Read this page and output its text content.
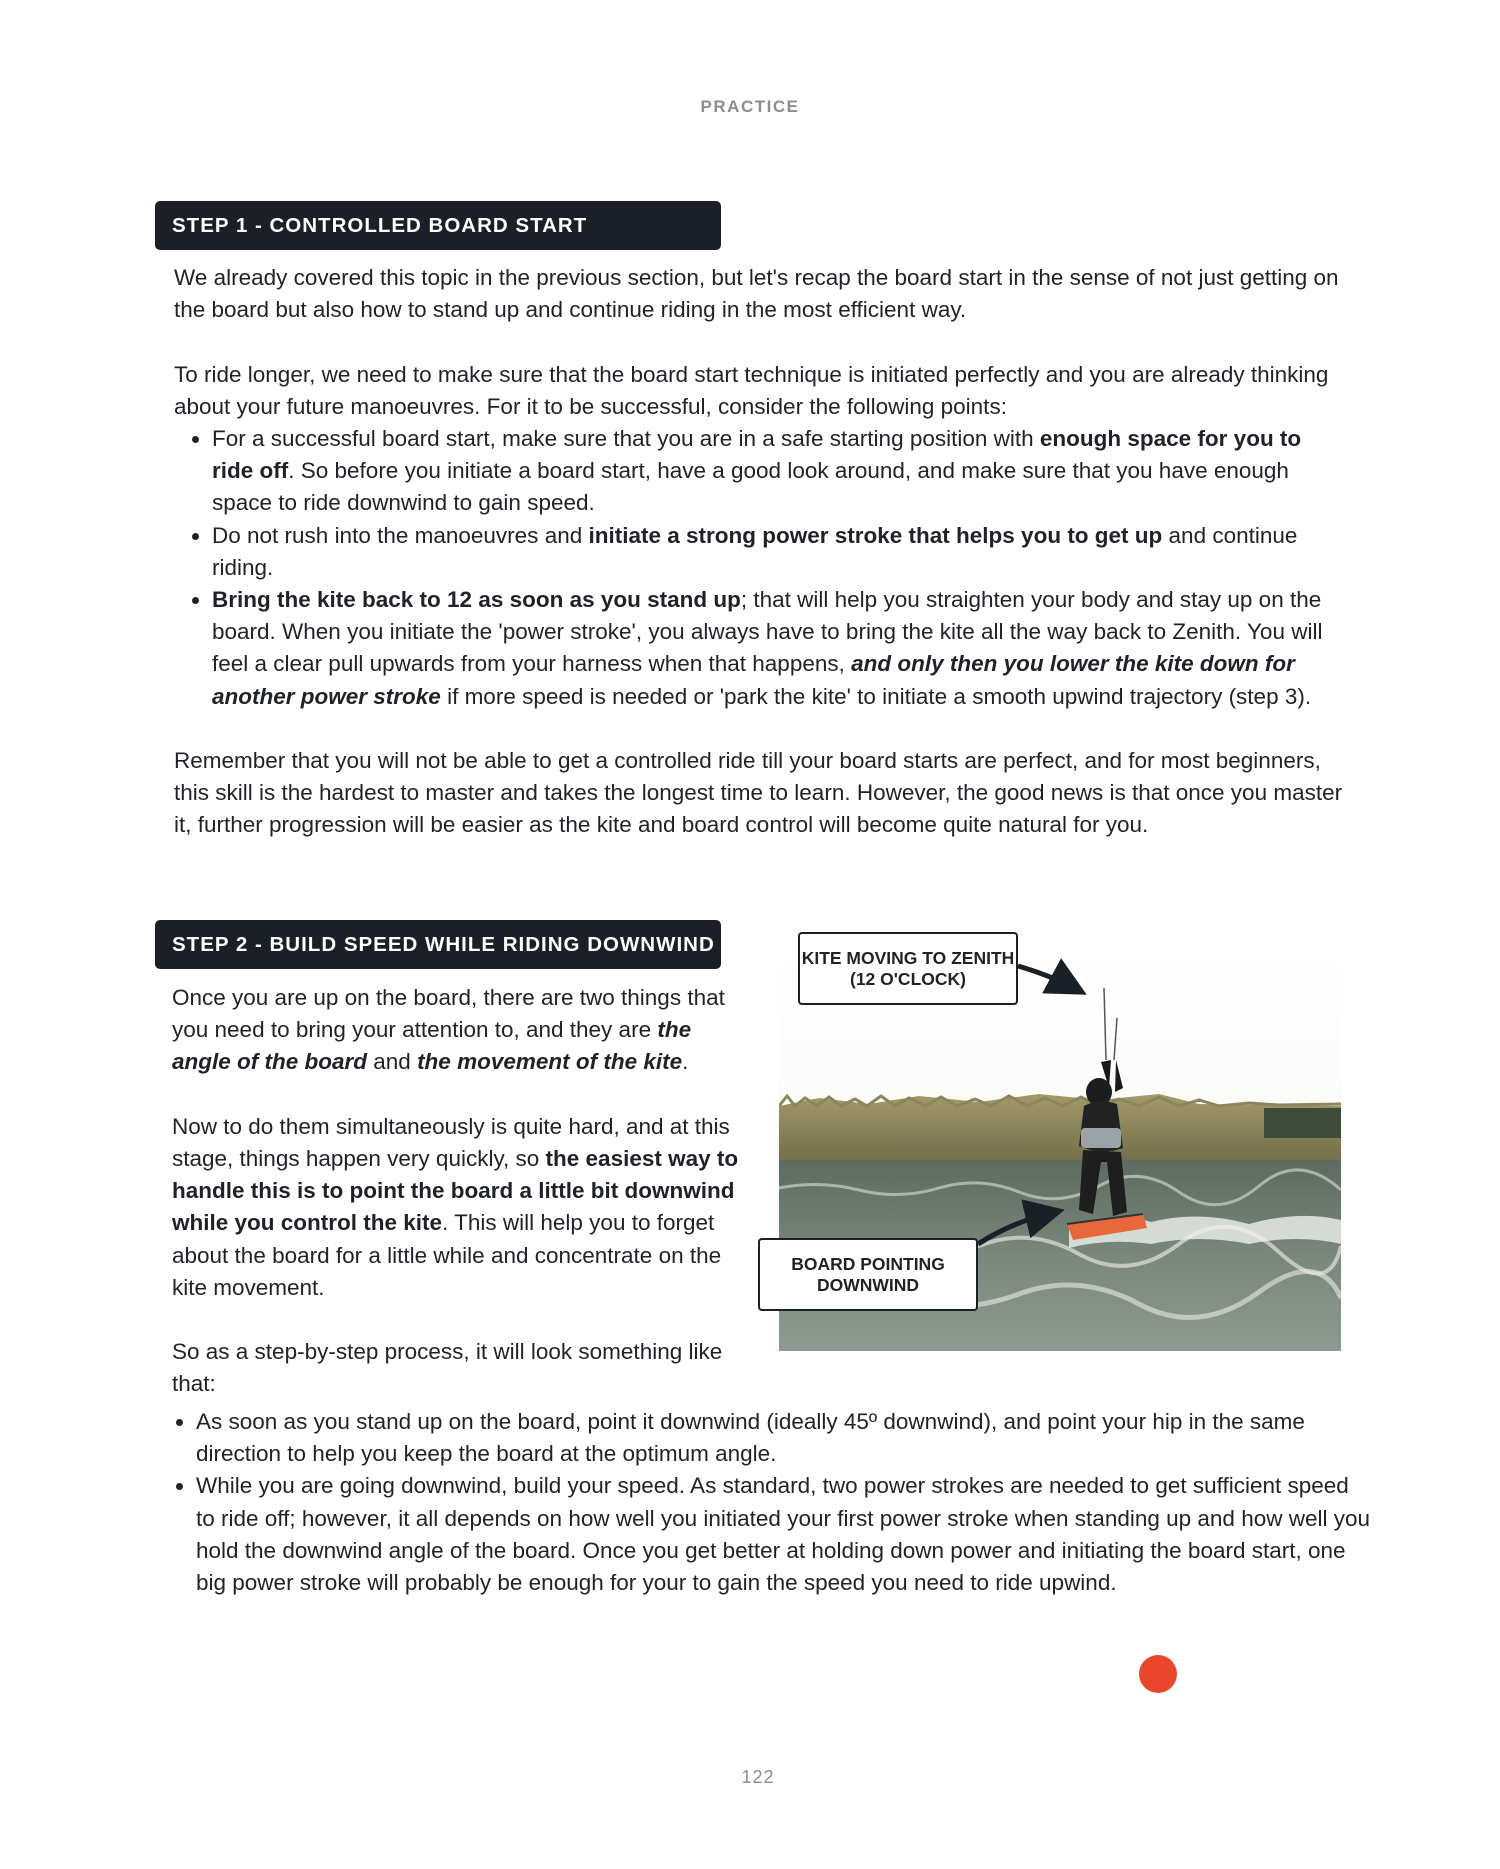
PRACTICE
STEP 1 - CONTROLLED BOARD START

We already covered this topic in the previous section, but let's recap the board start in the sense of not just getting on the board but also how to stand up and continue riding in the most efficient way.

To ride longer, we need to make sure that the board start technique is initiated perfectly and you are already thinking about your future manoeuvres. For it to be successful, consider the following points:

• For a successful board start, make sure that you are in a safe starting position with enough space for you to ride off. So before you initiate a board start, have a good look around, and make sure that you have enough space to ride downwind to gain speed.
• Do not rush into the manoeuvres and initiate a strong power stroke that helps you to get up and continue riding.
• Bring the kite back to 12 as soon as you stand up; that will help you straighten your body and stay up on the board. When you initiate the 'power stroke', you always have to bring the kite all the way back to Zenith. You will feel a clear pull upwards from your harness when that happens, and only then you lower the kite down for another power stroke if more speed is needed or 'park the kite' to initiate a smooth upwind trajectory (step 3).

Remember that you will not be able to get a controlled ride till your board starts are perfect, and for most beginners, this skill is the hardest to master and takes the longest time to learn. However, the good news is that once you master it, further progression will be easier as the kite and board control will become quite natural for you.

STEP 2 - BUILD SPEED WHILE RIDING DOWNWIND

Once you are up on the board, there are two things that you need to bring your attention to, and they are the angle of the board and the movement of the kite.

Now to do them simultaneously is quite hard, and at this stage, things happen very quickly, so the easiest way to handle this is to point the board a little bit downwind while you control the kite. This will help you to forget about the board for a little while and concentrate on the kite movement.

So as a step-by-step process, it will look something like that:

• As soon as you stand up on the board, point it downwind (ideally 45º downwind), and point your hip in the same direction to help you keep the board at the optimum angle.
• While you are going downwind, build your speed. As standard, two power strokes are needed to get sufficient speed to ride off; however, it all depends on how well you initiated your first power stroke when standing up and how well you hold the downwind angle of the board. Once you get better at holding down power and initiating the board start, one big power stroke will probably be enough for your to gain the speed you need to ride upwind.
KITE MOVING TO ZENITH (12 O'CLOCK)
BOARD POINTING DOWNWIND
122
